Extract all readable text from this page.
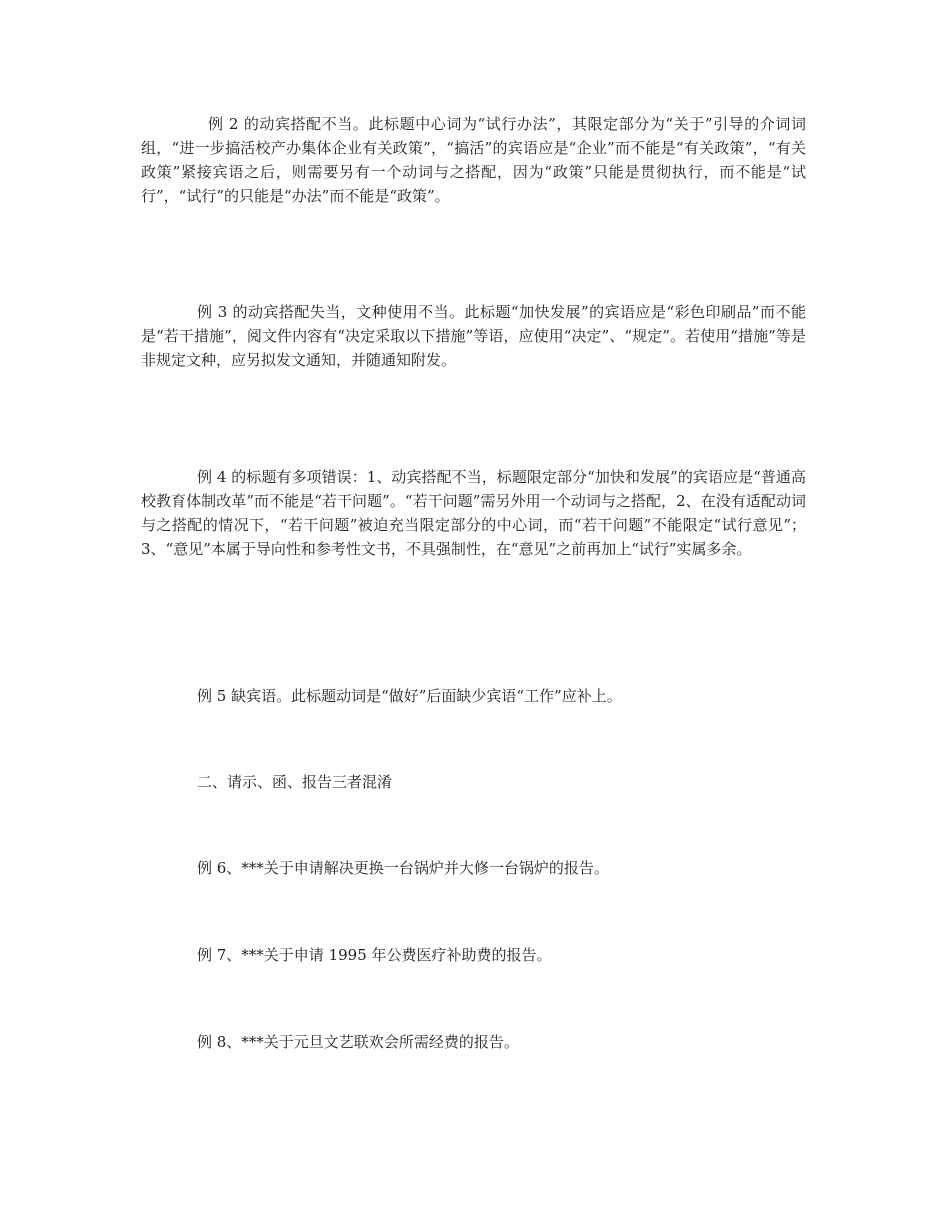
例 2 的动宾搭配不当。此标题中心词为“试行办法”，其限定部分为“关于”引导的介词词组，“进一步搞活校产办集体企业有关政策”，“搞活”的宾语应是“企业”而不能是“有关政策”，“有关政策”紧接宾语之后，则需要另有一个动词与之搭配，因为“政策”只能是贯彻执行，而不能是“试行”，“试行”的只能是“办法”而不能是“政策”。

例 3 的动宾搭配失当，文种使用不当。此标题“加快发展”的宾语应是“彩色印刷品”而不能是“若干措施”，阅文件内容有“决定采取以下措施”等语，应使用“决定”、“规定”。若使用“措施”等是非规定文种，应另拟发文通知，并随通知附发。

例 4 的标题有多项错误：1、动宾搭配不当，标题限定部分“加快和发展”的宾语应是“普通高校教育体制改革”而不能是“若干问题”。“若干问题”需另外用一个动词与之搭配，2、在没有适配动词与之搭配的情况下，“若干问题”被迫充当限定部分的中心词，而“若干问题”不能限定“试行意见”；3、“意见”本属于导向性和参考性文书，不具强制性，在“意见”之前再加上“试行”实属多余。

例 5 缺宾语。此标题动词是“做好”后面缺少宾语“工作”应补上。

二、请示、函、报告三者混淆

例 6、***关于申请解决更换一台锅炉并大修一台锅炉的报告。

例 7、***关于申请 1995 年公费医疗补助费的报告。

例 8、***关于元旦文艺联欢会所需经费的报告。
